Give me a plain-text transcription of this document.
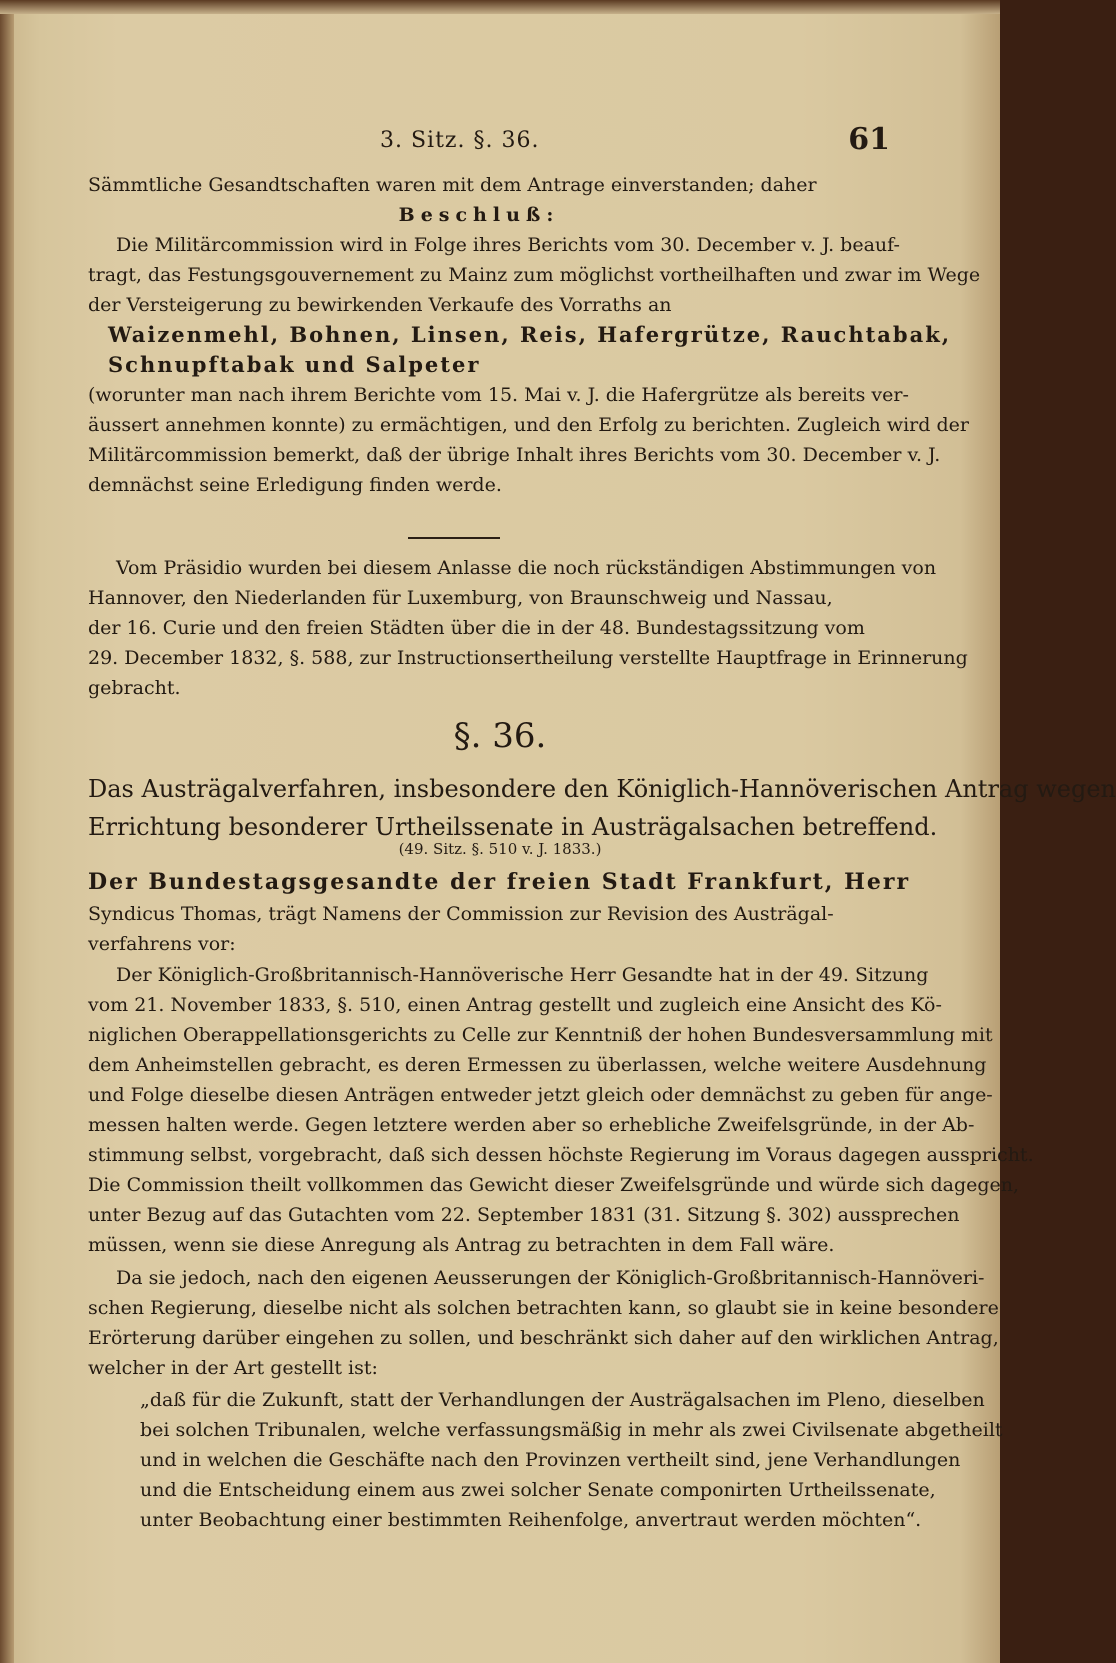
3. Sitz. §. 36.	61
Sämmtliche Gesandtschaften waren mit dem Antrage einverstanden; daher
Beschluß:
Die Militärcommission wird in Folge ihres Berichts vom 30. December v. J. beauf-
tragt, das Festungsgouvernement zu Mainz zum möglichst vortheilhaften und zwar im Wege
der Versteigerung zu bewirkenden Verkaufe des Vorraths an
Waizenmehl, Bohnen, Linsen, Reis, Hafergrütze, Rauchtabak,
Schnupftabak und Salpeter
(worunter man nach ihrem Berichte vom 15. Mai v. J. die Hafergrütze als bereits ver-
äussert annehmen konnte) zu ermächtigen, und den Erfolg zu berichten. Zugleich wird der
Militärcommission bemerkt, daß der übrige Inhalt ihres Berichts vom 30. December v. J.
demnächst seine Erledigung finden werde.
Vom Präsidio wurden bei diesem Anlasse die noch rückständigen Abstimmungen von
Hannover, den Niederlanden für Luxemburg, von Braunschweig und Nassau,
der 16. Curie und den freien Städten über die in der 48. Bundestagssitzung vom
29. December 1832, §. 588, zur Instructionsertheilung verstellte Hauptfrage in Erinnerung
gebracht.
§. 36.
Das Austrägalverfahren, insbesondere den Königlich-Hannöverischen Antrag wegen
Errichtung besonderer Urtheilssenate in Austrägalsachen betreffend.
(49. Sitz. §. 510 v. J. 1833.)
Der Bundestagsgesandte der freien Stadt Frankfurt, Herr
Syndicus Thomas, trägt Namens der Commission zur Revision des Austrägal-
verfahrens vor:
Der Königlich-Großbritannisch-Hannöverische Herr Gesandte hat in der 49. Sitzung
vom 21. November 1833, §. 510, einen Antrag gestellt und zugleich eine Ansicht des Kö-
niglichen Oberappellationsgerichts zu Celle zur Kenntniß der hohen Bundesversammlung mit
dem Anheimstellen gebracht, es deren Ermessen zu überlassen, welche weitere Ausdehnung
und Folge dieselbe diesen Anträgen entweder jetzt gleich oder demnächst zu geben für ange-
messen halten werde. Gegen letztere werden aber so erhebliche Zweifelsgründe, in der Ab-
stimmung selbst, vorgebracht, daß sich dessen höchste Regierung im Voraus dagegen ausspricht.
Die Commission theilt vollkommen das Gewicht dieser Zweifelsgründe und würde sich dagegen,
unter Bezug auf das Gutachten vom 22. September 1831 (31. Sitzung §. 302) aussprechen
müssen, wenn sie diese Anregung als Antrag zu betrachten in dem Fall wäre.
Da sie jedoch, nach den eigenen Aeusserungen der Königlich-Großbritannisch-Hannöveri-
schen Regierung, dieselbe nicht als solchen betrachten kann, so glaubt sie in keine besondere
Erörterung darüber eingehen zu sollen, und beschränkt sich daher auf den wirklichen Antrag,
welcher in der Art gestellt ist:
„daß für die Zukunft, statt der Verhandlungen der Austrägalsachen im Pleno, dieselben
bei solchen Tribunalen, welche verfassungsmäßig in mehr als zwei Civilsenate abgetheilt
und in welchen die Geschäfte nach den Provinzen vertheilt sind, jene Verhandlungen
und die Entscheidung einem aus zwei solcher Senate componirten Urtheilssenate,
unter Beobachtung einer bestimmten Reihenfolge, anvertraut werden möchten“.
